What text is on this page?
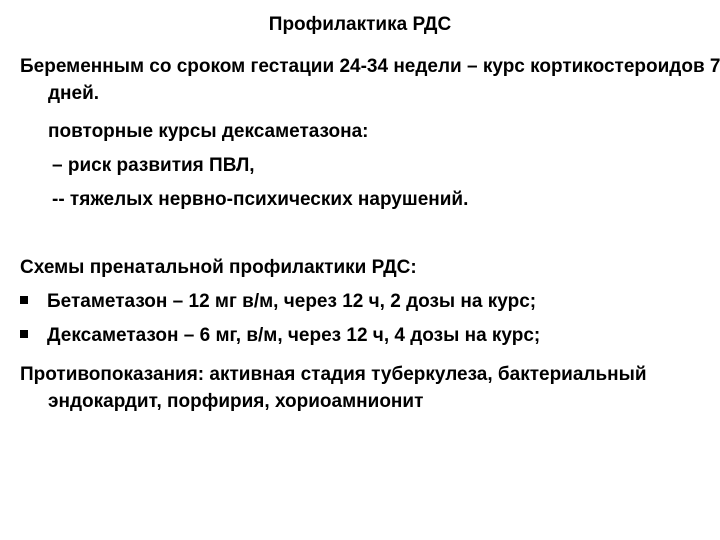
Профилактика РДС
Беременным со сроком гестации 24-34 недели – курс кортикостероидов 7 дней.
повторные курсы дексаметазона:
– риск развития ПВЛ,
-- тяжелых нервно-психических нарушений.
Схемы пренатальной профилактики РДС:
Бетаметазон – 12 мг в/м, через 12 ч, 2 дозы на курс;
Дексаметазон – 6 мг, в/м, через 12 ч, 4 дозы на курс;
Противопоказания: активная стадия туберкулеза, бактериальный эндокардит, порфирия, хориоамнионит
